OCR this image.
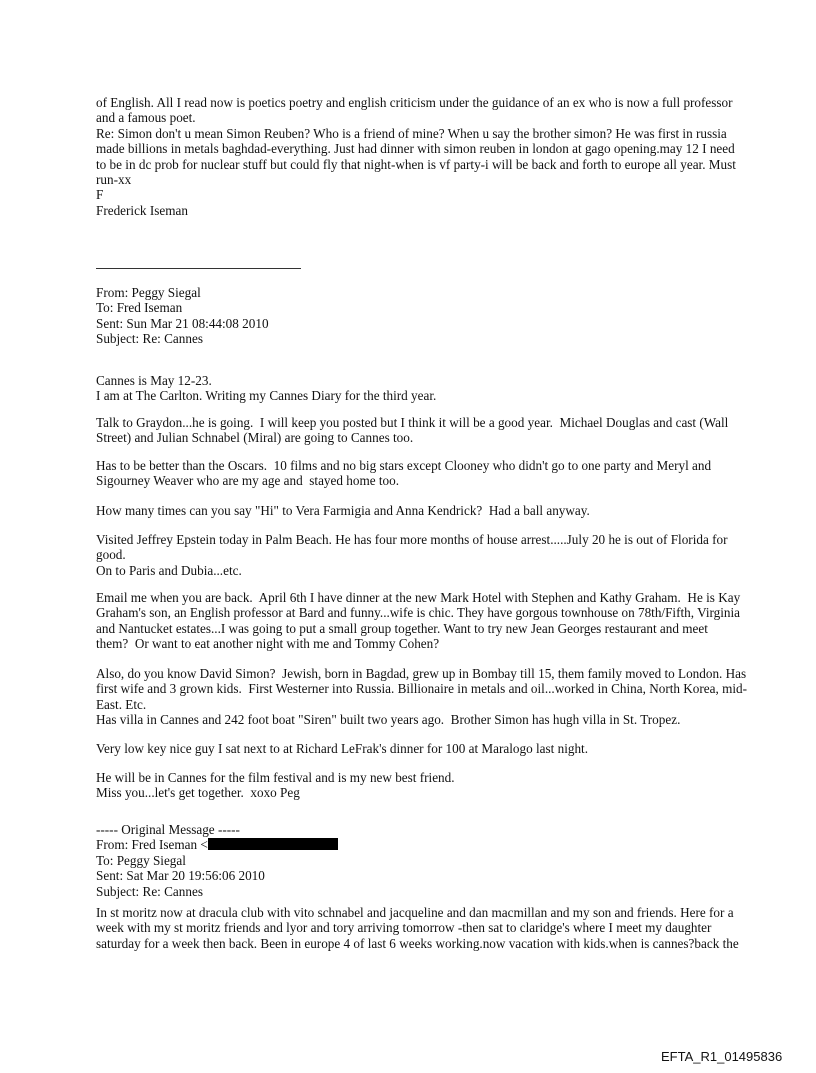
of English. All I read now is poetics poetry and english criticism under the guidance of an ex who is now a full professor
and a famous poet.
Re: Simon don't u mean Simon Reuben? Who is a friend of mine? When u say the brother simon? He was first in russia
made billions in metals baghdad-everything. Just had dinner with simon reuben in london at gago opening.may 12 I need
to be in dc prob for nuclear stuff but could fly that night-when is vf party-i will be back and forth to europe all year. Must
run-xx
F
Frederick Iseman
From: Peggy Siegal
To: Fred Iseman
Sent: Sun Mar 21 08:44:08 2010
Subject: Re: Cannes
Cannes is May 12-23.
I am at The Carlton. Writing my Cannes Diary for the third year.
Talk to Graydon...he is going.  I will keep you posted but I think it will be a good year.  Michael Douglas and cast (Wall
Street) and Julian Schnabel (Miral) are going to Cannes too.
Has to be better than the Oscars.  10 films and no big stars except Clooney who didn't go to one party and Meryl and
Sigourney Weaver who are my age and  stayed home too.
How many times can you say "Hi" to Vera Farmigia and Anna Kendrick?  Had a ball anyway.
Visited Jeffrey Epstein today in Palm Beach. He has four more months of house arrest.....July 20 he is out of Florida for
good.
On to Paris and Dubia...etc.
Email me when you are back.  April 6th I have dinner at the new Mark Hotel with Stephen and Kathy Graham.  He is Kay
Graham's son, an English professor at Bard and funny...wife is chic. They have gorgous townhouse on 78th/Fifth, Virginia
and Nantucket estates...I was going to put a small group together. Want to try new Jean Georges restaurant and meet
them?  Or want to eat another night with me and Tommy Cohen?
Also, do you know David Simon?  Jewish, born in Bagdad, grew up in Bombay till 15, them family moved to London. Has
first wife and 3 grown kids.  First Westerner into Russia. Billionaire in metals and oil...worked in China, North Korea, mid-
East. Etc.
Has villa in Cannes and 242 foot boat "Siren" built two years ago.  Brother Simon has hugh villa in St. Tropez.
Very low key nice guy I sat next to at Richard LeFrak's dinner for 100 at Maralogo last night.
He will be in Cannes for the film festival and is my new best friend.
Miss you...let's get together.  xoxo Peg
----- Original Message -----
From: Fred Iseman <
To: Peggy Siegal
Sent: Sat Mar 20 19:56:06 2010
Subject: Re: Cannes
In st moritz now at dracula club with vito schnabel and jacqueline and dan macmillan and my son and friends. Here for a
week with my st moritz friends and lyor and tory arriving tomorrow -then sat to claridge's where I meet my daughter
saturday for a week then back. Been in europe 4 of last 6 weeks working.now vacation with kids.when is cannes?back the
EFTA_R1_01495836
